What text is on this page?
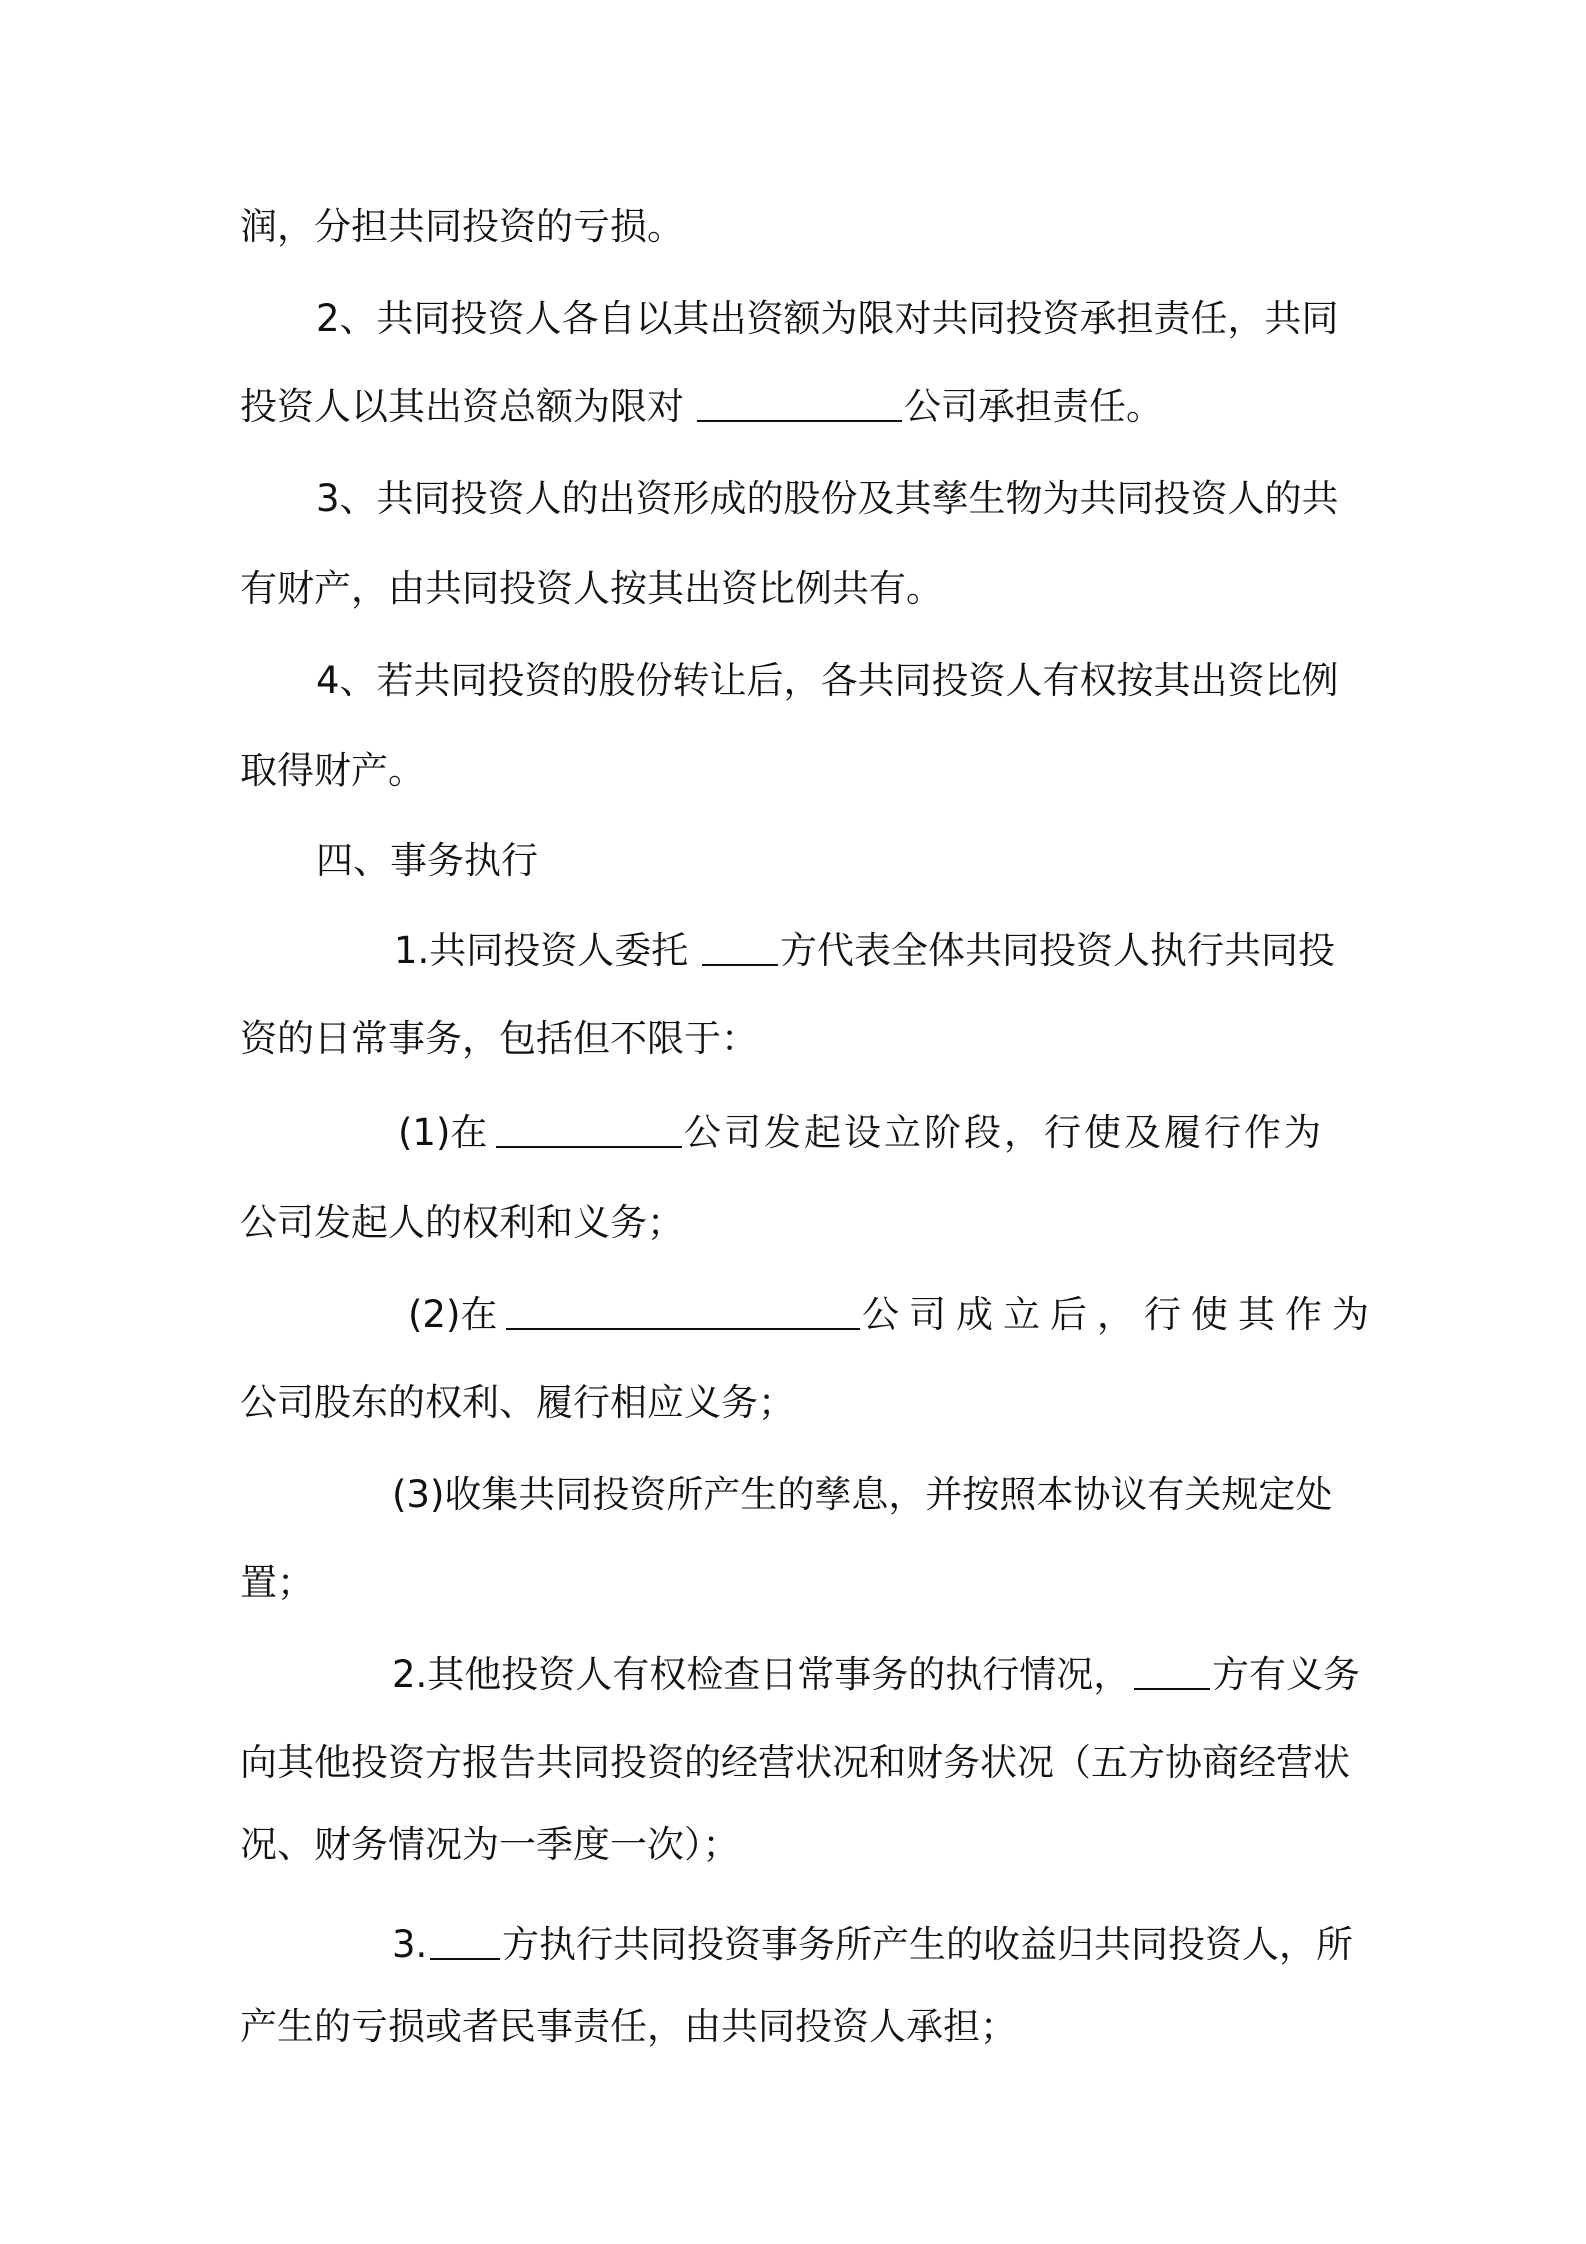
润，分担共同投资的亏损。
2、共同投资人各自以其出资额为限对共同投资承担责任，共同
投资人以其出资总额为限对	公司承担责任。
3、共同投资人的出资形成的股份及其孳生物为共同投资人的共
有财产，由共同投资人按其出资比例共有。
4、若共同投资的股份转让后，各共同投资人有权按其出资比例
取得财产。
四、事务执行
1.共同投资人委托 方代表全体共同投资人执行共同投
资的日常事务，包括但不限于：
(1)在	公司发起设立阶段，行使及履行作为
公司发起人的权利和义务；
(2)在	公司成立后，行使其作为
公司股东的权利、履行相应义务；
(3)收集共同投资所产生的孳息，并按照本协议有关规定处
置；
2.其他投资人有权检查日常事务的执行情况， 方有义务
向其他投资方报告共同投资的经营状况和财务状况（五方协商经营状
况、财务情况为一季度一次）；
3. 方执行共同投资事务所产生的收益归共同投资人，所
产生的亏损或者民事责任，由共同投资人承担；
